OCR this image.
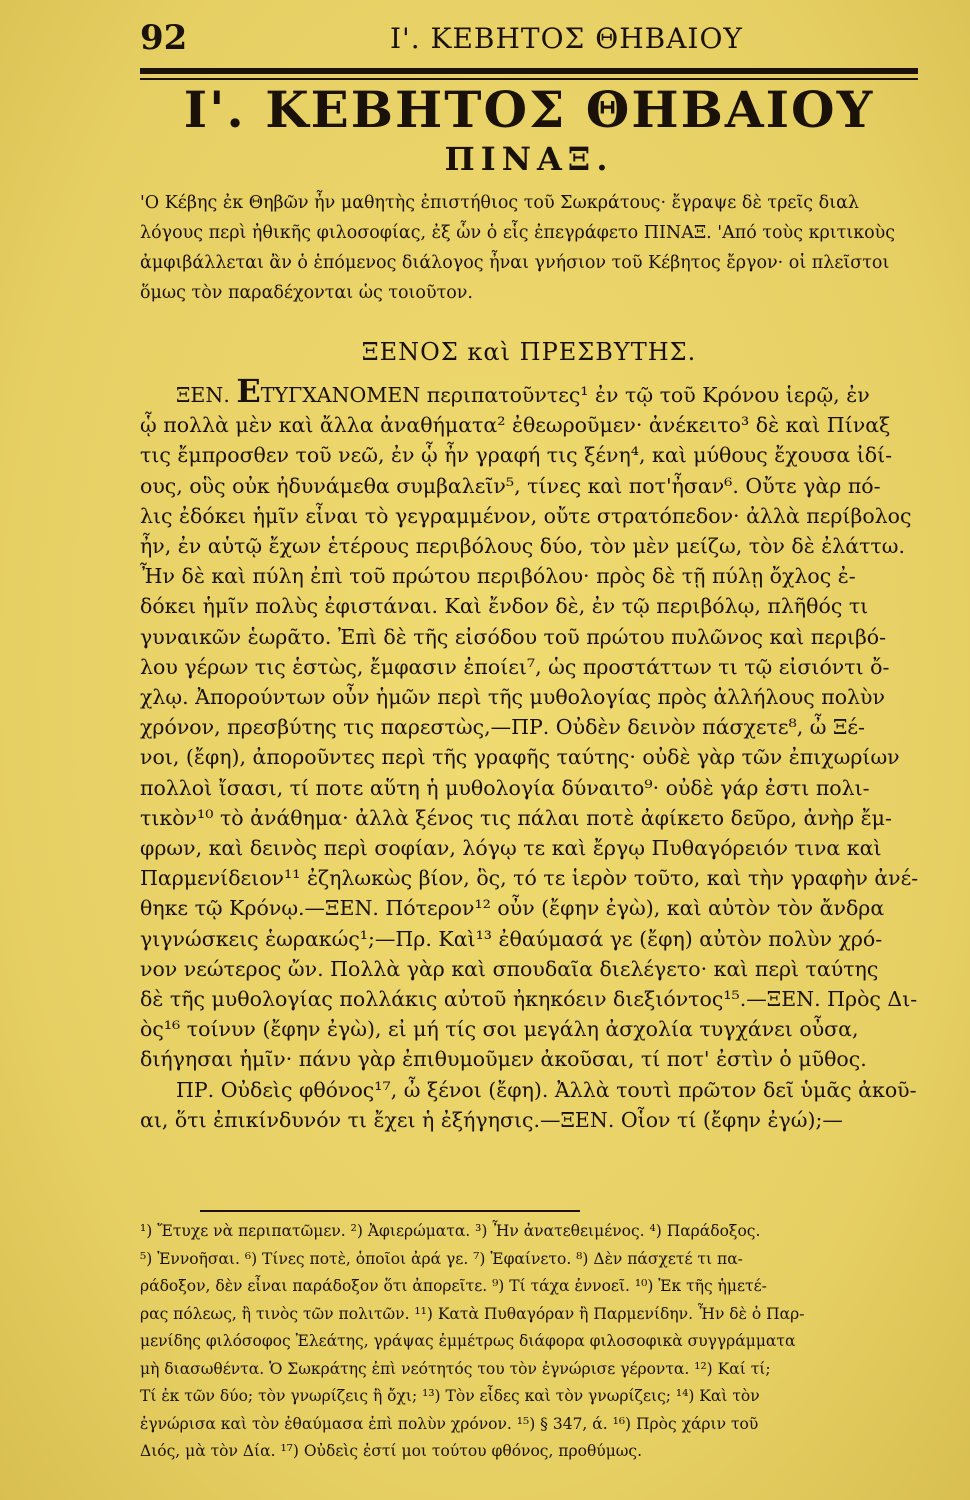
92	Ι'. ΚΕΒΗΤΟΣ ΘΗΒΑΙΟΥ
Ι'. ΚΕΒΗΤΟΣ ΘΗΒΑΙΟΥ
ΠΙΝΑΞ.
'Ο Κέβης ἐκ Θηβῶν ἦν μαθητὴς ἐπιστήθιος τοῦ Σωκράτους· ἔγραψε δὲ τρεῖς διαλ
λόγους περὶ ἠθικῆς φιλοσοφίας, ἐξ ὧν ὁ εἷς ἐπεγράφετο ΠΙΝΑΞ. 'Από τοὺς κριτικοὺς
ἀμφιβάλλεται ἂν ὁ ἑπόμενος διάλογος ἦναι γνήσιον τοῦ Κέβητος ἔργον· οἱ πλεῖστοι
ὅμως τὸν παραδέχονται ὡς τοιοῦτον.
ΞΕΝΟΣ καὶ ΠΡΕΣΒΥΤΗΣ.
ΞΕΝ. ΕΤΥΓΧΑΝΟΜΕΝ περιπατοῦντες¹ ἐν τῷ τοῦ Κρόνου ἱερῷ, ἐν
ᾧ πολλὰ μὲν καὶ ἄλλα ἀναθήματα² ἐθεωροῦμεν· ἀνέκειτο³ δὲ καὶ Πίναξ
τις ἔμπροσθεν τοῦ νεῶ, ἐν ᾧ ἦν γραφή τις ξένη⁴, καὶ μύθους ἔχουσα ἰδί-
ους, οὓς οὐκ ἠδυνάμεθα συμβαλεῖν⁵, τίνες καὶ ποτ'ἦσαν⁶. Οὔτε γὰρ πό-
λις ἐδόκει ἡμῖν εἶναι τὸ γεγραμμένον, οὔτε στρατόπεδον· ἀλλὰ περίβολος
ἦν, ἐν αὑτῷ ἔχων ἑτέρους περιβόλους δύο, τὸν μὲν μείζω, τὸν δὲ ἐλάττω.
Ἦν δὲ καὶ πύλη ἐπὶ τοῦ πρώτου περιβόλου· πρὸς δὲ τῇ πύλῃ ὄχλος ἐ-
δόκει ἡμῖν πολὺς ἐφιστάναι. Καὶ ἔνδον δὲ, ἐν τῷ περιβόλῳ, πλῆθός τι
γυναικῶν ἑωρᾶτο. Ἐπὶ δὲ τῆς εἰσόδου τοῦ πρώτου πυλῶνος καὶ περιβό-
λου γέρων τις ἑστὼς, ἔμφασιν ἐποίει⁷, ὡς προστάττων τι τῷ εἰσιόντι ὄ-
χλῳ. Ἀπορούντων οὖν ἡμῶν περὶ τῆς μυθολογίας πρὸς ἀλλήλους πολὺν
χρόνον, πρεσβύτης τις παρεστὼς,—ΠΡ. Οὐδὲν δεινὸν πάσχετε⁸, ὦ Ξέ-
νοι, (ἔφη), ἀποροῦντες περὶ τῆς γραφῆς ταύτης· οὐδὲ γὰρ τῶν ἐπιχωρίων
πολλοὶ ἴσασι, τί ποτε αὕτη ἡ μυθολογία δύναιτο⁹· οὐδὲ γάρ ἐστι πολι-
τικὸν¹⁰ τὸ ἀνάθημα· ἀλλὰ ξένος τις πάλαι ποτὲ ἀφίκετο δεῦρο, ἀνὴρ ἔμ-
φρων, καὶ δεινὸς περὶ σοφίαν, λόγῳ τε καὶ ἔργῳ Πυθαγόρειόν τινα καὶ
Παρμενίδειον¹¹ ἐζηλωκὼς βίον, ὃς, τό τε ἱερὸν τοῦτο, καὶ τὴν γραφὴν ἀνέ-
θηκε τῷ Κρόνῳ.—ΞΕΝ. Πότερον¹² οὖν (ἔφην ἐγὼ), καὶ αὐτὸν τὸν ἄνδρα
γιγνώσκεις ἑωρακώς¹;—Πρ. Καὶ¹³ ἐθαύμασά γε (ἔφη) αὐτὸν πολὺν χρό-
νον νεώτερος ὤν. Πολλὰ γὰρ καὶ σπουδαῖα διελέγετο· καὶ περὶ ταύτης
δὲ τῆς μυθολογίας πολλάκις αὐτοῦ ἠκηκόειν διεξιόντος¹⁵.—ΞΕΝ. Πρὸς Δι-
ὸς¹⁶ τοίνυν (ἔφην ἐγὼ), εἰ μή τίς σοι μεγάλη ἀσχολία τυγχάνει οὖσα,
διήγησαι ἡμῖν· πάνυ γὰρ ἐπιθυμοῦμεν ἀκοῦσαι, τί ποτ' ἐστὶν ὁ μῦθος.
ΠΡ. Οὐδεὶς φθόνος¹⁷, ὦ ξένοι (ἔφη). Ἀλλὰ τουτὶ πρῶτον δεῖ ὑμᾶς ἀκοῦ-
αι, ὅτι ἐπικίνδυνόν τι ἔχει ἡ ἐξήγησις.—ΞΕΝ. Οἷον τί (ἔφην ἐγώ);—
¹) Ἔτυχε νὰ περιπατῶμεν. ²) Ἀφιερώματα. ³) Ἦν ἀνατεθειμένος. ⁴) Παράδοξος.
⁵) Ἐννοῆσαι. ⁶) Τίνες ποτὲ, ὁποῖοι ἀρά γε. ⁷) Ἐφαίνετο. ⁸) Δὲν πάσχετέ τι πα-
ράδοξον, δὲν εἶναι παράδοξον ὅτι ἀπορεῖτε. ⁹) Τί τάχα ἐννοεῖ. ¹⁰) Ἐκ τῆς ἡμετέ-
ρας πόλεως, ἢ τινὸς τῶν πολιτῶν. ¹¹) Κατὰ Πυθαγόραν ἢ Παρμενίδην. Ἦν δὲ ὁ Παρ-
μενίδης φιλόσοφος Ἐλεάτης, γράψας ἐμμέτρως διάφορα φιλοσοφικὰ συγγράμματα
μὴ διασωθέντα. Ὁ Σωκράτης ἐπὶ νεότητός του τὸν ἐγνώρισε γέροντα. ¹²) Καί τί;
Τί ἐκ τῶν δύο; τὸν γνωρίζεις ἢ ὄχι; ¹³) Τὸν εἶδες καὶ τὸν γνωρίζεις; ¹⁴) Καὶ τὸν
ἐγνώρισα καὶ τὸν ἐθαύμασα ἐπὶ πολὺν χρόνον. ¹⁵) § 347, ά. ¹⁶) Πρὸς χάριν τοῦ
Διός, μὰ τὸν Δία. ¹⁷) Οὐδεὶς ἐστί μοι τούτου φθόνος, προθύμως.
